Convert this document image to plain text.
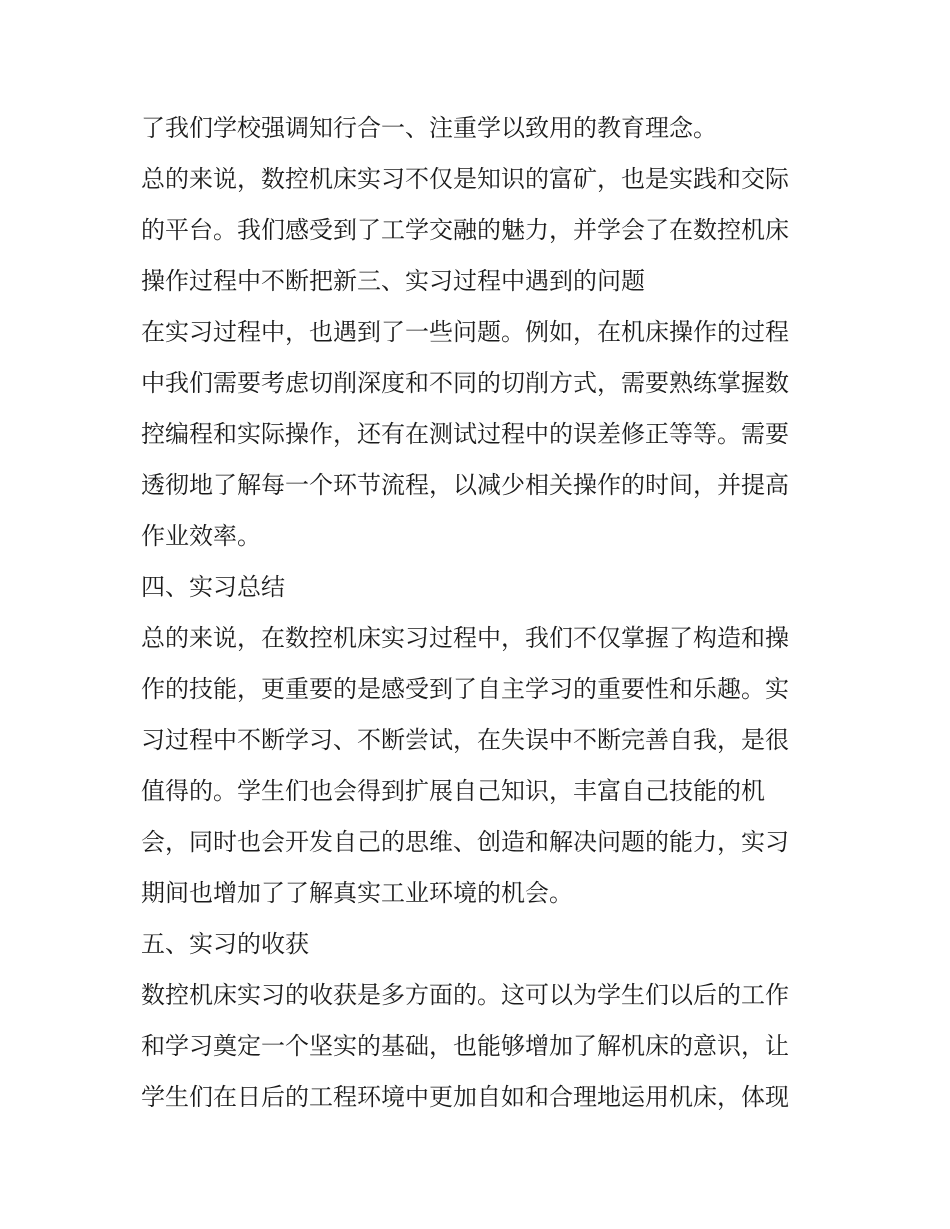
了我们学校强调知行合一、注重学以致用的教育理念。
总的来说，数控机床实习不仅是知识的富矿，也是实践和交际
的平台。我们感受到了工学交融的魅力，并学会了在数控机床
操作过程中不断把新三、实习过程中遇到的问题
在实习过程中，也遇到了一些问题。例如，在机床操作的过程
中我们需要考虑切削深度和不同的切削方式，需要熟练掌握数
控编程和实际操作，还有在测试过程中的误差修正等等。需要
透彻地了解每一个环节流程，以减少相关操作的时间，并提高
作业效率。
四、实习总结
总的来说，在数控机床实习过程中，我们不仅掌握了构造和操
作的技能，更重要的是感受到了自主学习的重要性和乐趣。实
习过程中不断学习、不断尝试，在失误中不断完善自我，是很
值得的。学生们也会得到扩展自己知识，丰富自己技能的机
会，同时也会开发自己的思维、创造和解决问题的能力，实习
期间也增加了了解真实工业环境的机会。
五、实习的收获
数控机床实习的收获是多方面的。这可以为学生们以后的工作
和学习奠定一个坚实的基础，也能够增加了解机床的意识，让
学生们在日后的工程环境中更加自如和合理地运用机床，体现
